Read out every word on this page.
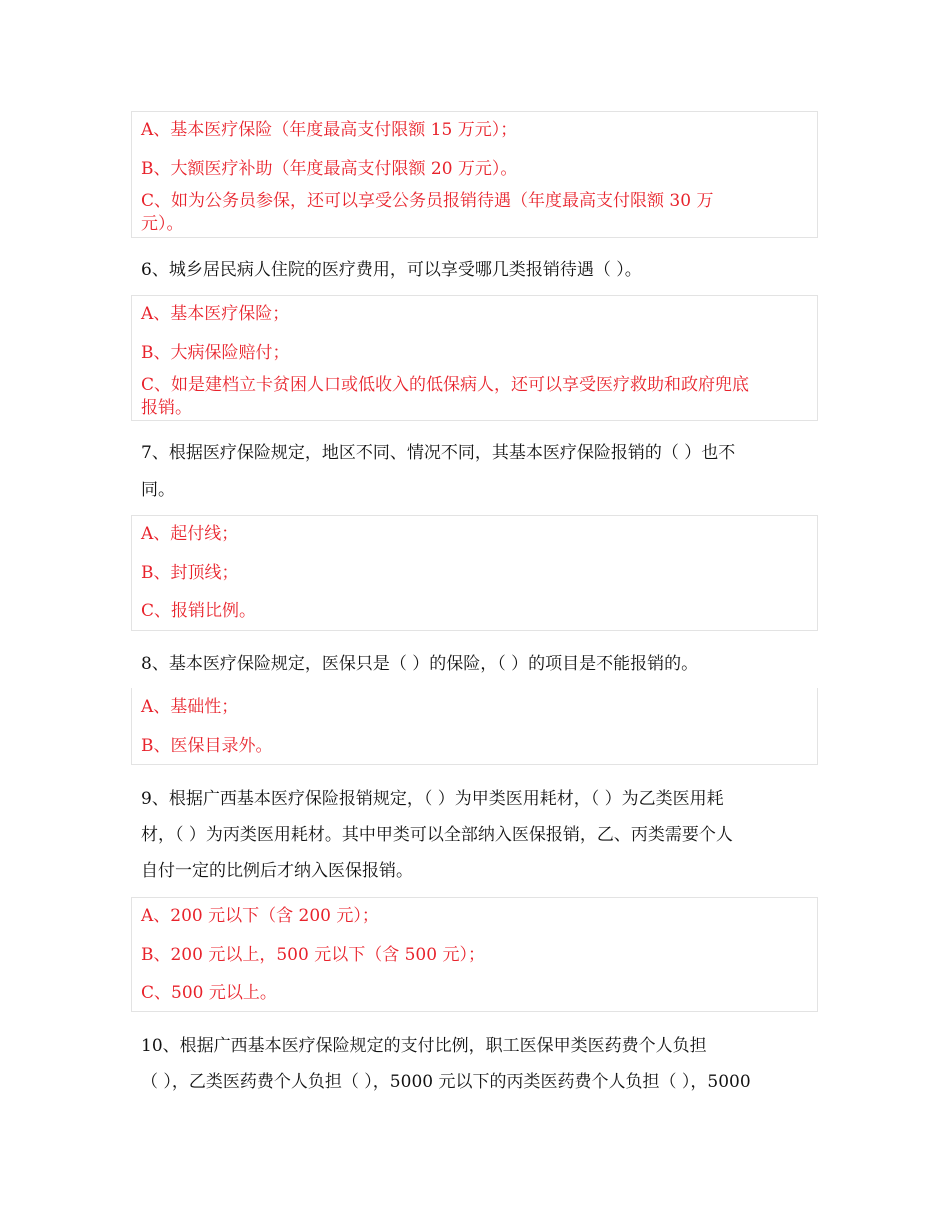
A、基本医疗保险（年度最高支付限额 15 万元）；
B、大额医疗补助（年度最高支付限额 20 万元）。
C、如为公务员参保，还可以享受公务员报销待遇（年度最高支付限额 30 万
元）。
6、城乡居民病人住院的医疗费用，可以享受哪几类报销待遇（ ）。
A、基本医疗保险；
B、大病保险赔付；
C、如是建档立卡贫困人口或低收入的低保病人，还可以享受医疗救助和政府兜底
报销。
7、根据医疗保险规定，地区不同、情况不同，其基本医疗保险报销的（ ）也不
同。
A、起付线；
B、封顶线；
C、报销比例。
8、基本医疗保险规定，医保只是（ ）的保险，（ ）的项目是不能报销的。
A、基础性；
B、医保目录外。
9、根据广西基本医疗保险报销规定，（ ）为甲类医用耗材，（ ）为乙类医用耗
材，（ ）为丙类医用耗材。其中甲类可以全部纳入医保报销，乙、丙类需要个人
自付一定的比例后才纳入医保报销。
A、200 元以下（含 200 元）；
B、200 元以上，500 元以下（含 500 元）；
C、500 元以上。
10、根据广西基本医疗保险规定的支付比例，职工医保甲类医药费个人负担
（ ），乙类医药费个人负担（ ），5000 元以下的丙类医药费个人负担（ ），5000
